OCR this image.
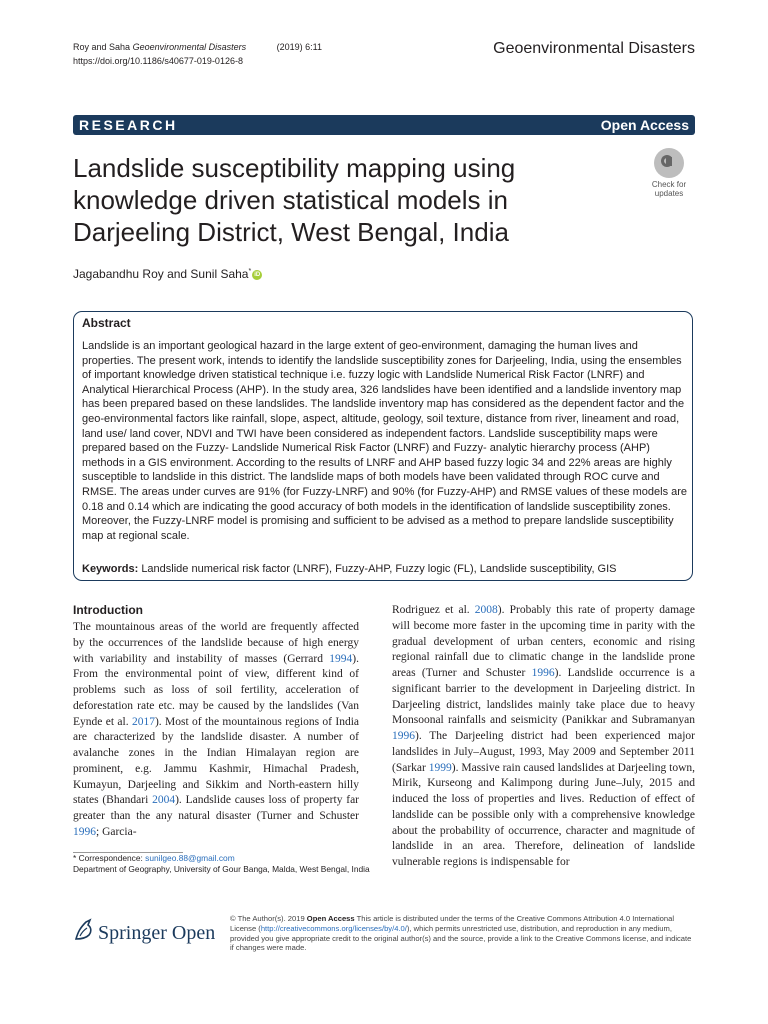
Roy and Saha Geoenvironmental Disasters	(2019) 6:11
https://doi.org/10.1186/s40677-019-0126-8
Geoenvironmental Disasters
RESEARCH	Open Access
Landslide susceptibility mapping using knowledge driven statistical models in Darjeeling District, West Bengal, India
Check for
updates
Jagabandhu Roy and Sunil Saha* iD
Abstract
Landslide is an important geological hazard in the large extent of geo-environment, damaging the human lives and properties. The present work, intends to identify the landslide susceptibility zones for Darjeeling, India, using the ensembles of important knowledge driven statistical technique i.e. fuzzy logic with Landslide Numerical Risk Factor (LNRF) and Analytical Hierarchical Process (AHP). In the study area, 326 landslides have been identified and a landslide inventory map has been prepared based on these landslides. The landslide inventory map has considered as the dependent factor and the geo-environmental factors like rainfall, slope, aspect, altitude, geology, soil texture, distance from river, lineament and road, land use/ land cover, NDVI and TWI have been considered as independent factors. Landslide susceptibility maps were prepared based on the Fuzzy- Landslide Numerical Risk Factor (LNRF) and Fuzzy- analytic hierarchy process (AHP) methods in a GIS environment. According to the results of LNRF and AHP based fuzzy logic 34 and 22% areas are highly susceptible to landslide in this district. The landslide maps of both models have been validated through ROC curve and RMSE. The areas under curves are 91% (for Fuzzy-LNRF) and 90% (for Fuzzy-AHP) and RMSE values of these models are 0.18 and 0.14 which are indicating the good accuracy of both models in the identification of landslide susceptibility zones. Moreover, the Fuzzy-LNRF model is promising and sufficient to be advised as a method to prepare landslide susceptibility map at regional scale.
Keywords: Landslide numerical risk factor (LNRF), Fuzzy-AHP, Fuzzy logic (FL), Landslide susceptibility, GIS
Introduction
The mountainous areas of the world are frequently affected by the occurrences of the landslide because of high energy with variability and instability of masses (Gerrard 1994). From the environmental point of view, different kind of problems such as loss of soil fertility, acceleration of deforestation rate etc. may be caused by the landslides (Van Eynde et al. 2017). Most of the mountainous regions of India are characterized by the landslide disaster. A number of avalanche zones in the Indian Himalayan region are prominent, e.g. Jammu Kashmir, Himachal Pradesh, Kumayun, Darjeeling and Sikkim and North-eastern hilly states (Bhandari 2004). Landslide causes loss of property far greater than the any natural disaster (Turner and Schuster 1996; Garcia-
Rodriguez et al. 2008). Probably this rate of property damage will become more faster in the upcoming time in parity with the gradual development of urban centers, economic and rising regional rainfall due to climatic change in the landslide prone areas (Turner and Schuster 1996). Landslide occurrence is a significant barrier to the development in Darjeeling district. In Darjeeling district, landslides mainly take place due to heavy Monsoonal rainfalls and seismicity (Panikkar and Subramanyan 1996). The Darjeeling district had been experienced major landslides in July–August, 1993, May 2009 and September 2011 (Sarkar 1999). Massive rain caused landslides at Darjeeling town, Mirik, Kurseong and Kalimpong during June–July, 2015 and induced the loss of properties and lives. Reduction of effect of landslide can be possible only with a comprehensive knowledge about the probability of occurrence, character and magnitude of landslide in an area. Therefore, delineation of landslide vulnerable regions is indispensable for
* Correspondence: sunilgeo.88@gmail.com
Department of Geography, University of Gour Banga, Malda, West Bengal, India
Springer Open
© The Author(s). 2019 Open Access This article is distributed under the terms of the Creative Commons Attribution 4.0 International License (http://creativecommons.org/licenses/by/4.0/), which permits unrestricted use, distribution, and reproduction in any medium, provided you give appropriate credit to the original author(s) and the source, provide a link to the Creative Commons license, and indicate if changes were made.
